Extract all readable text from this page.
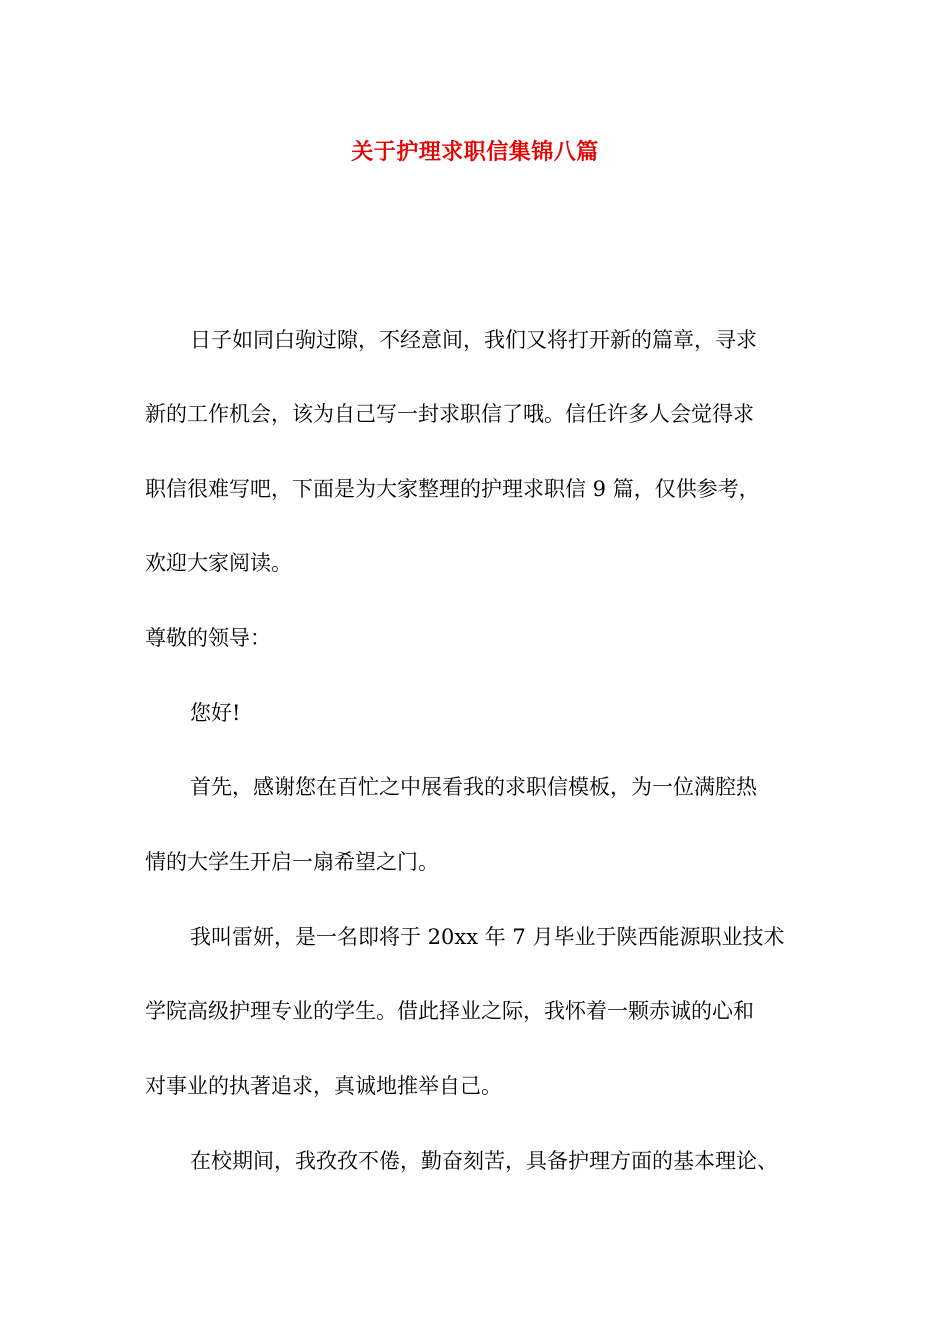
关于护理求职信集锦八篇
日子如同白驹过隙，不经意间，我们又将打开新的篇章，寻求
新的工作机会，该为自己写一封求职信了哦。信任许多人会觉得求
职信很难写吧，下面是为大家整理的护理求职信 9 篇，仅供参考，
欢迎大家阅读。
尊敬的领导：
您好!
首先，感谢您在百忙之中展看我的求职信模板，为一位满腔热
情的大学生开启一扇希望之门。
我叫雷妍，是一名即将于 20xx 年 7 月毕业于陕西能源职业技术
学院高级护理专业的学生。借此择业之际，我怀着一颗赤诚的心和
对事业的执著追求，真诚地推举自己。
在校期间，我孜孜不倦，勤奋刻苦，具备护理方面的基本理论、
